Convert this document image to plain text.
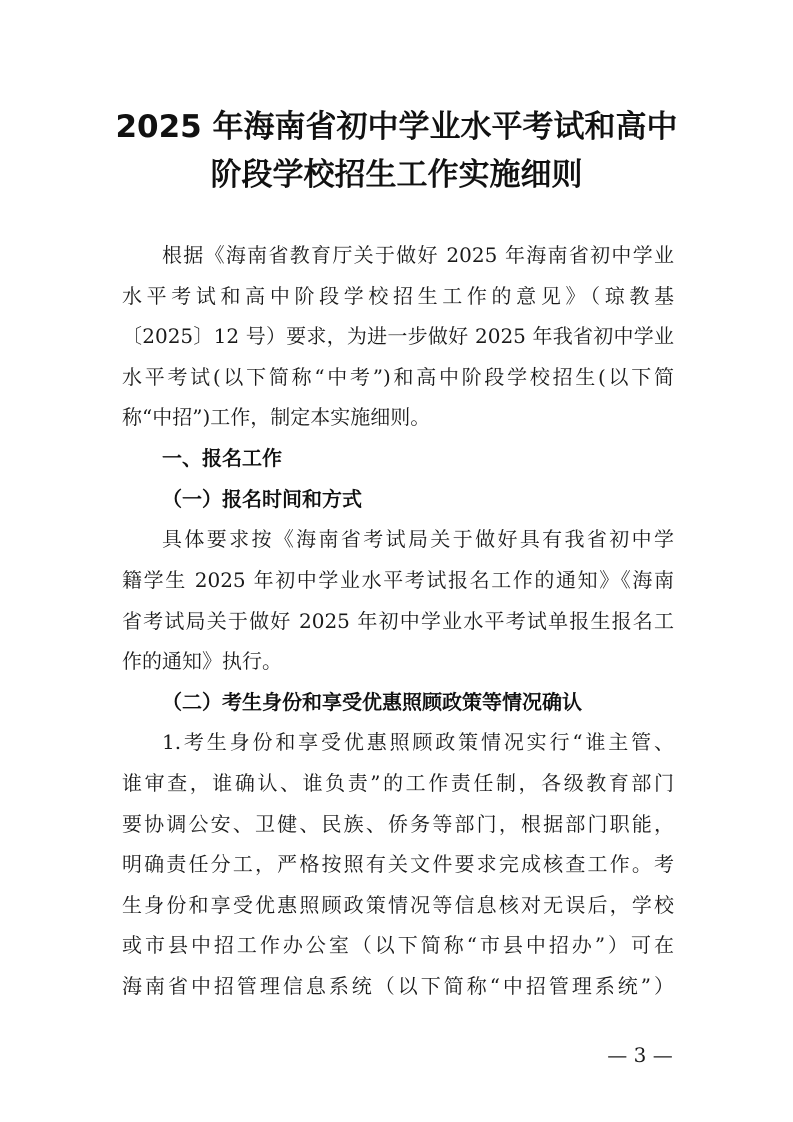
2025 年海南省初中学业水平考试和高中
阶段学校招生工作实施细则
根据《海南省教育厅关于做好 2025 年海南省初中学业
水平考试和高中阶段学校招生工作的意见》（琼教基
〔2025〕12 号）要求，为进一步做好 2025 年我省初中学业
水平考试(以下简称“中考”)和高中阶段学校招生(以下简
称“中招”)工作，制定本实施细则。
一、报名工作
（一）报名时间和方式
具体要求按《海南省考试局关于做好具有我省初中学
籍学生 2025 年初中学业水平考试报名工作的通知》《海南
省考试局关于做好 2025 年初中学业水平考试单报生报名工
作的通知》执行。
（二）考生身份和享受优惠照顾政策等情况确认
1.考生身份和享受优惠照顾政策情况实行“谁主管、
谁审查，谁确认、谁负责”的工作责任制，各级教育部门
要协调公安、卫健、民族、侨务等部门，根据部门职能，
明确责任分工，严格按照有关文件要求完成核查工作。考
生身份和享受优惠照顾政策情况等信息核对无误后，学校
或市县中招工作办公室（以下简称“市县中招办”）可在
海南省中招管理信息系统（以下简称“中招管理系统”）
— 3 —
